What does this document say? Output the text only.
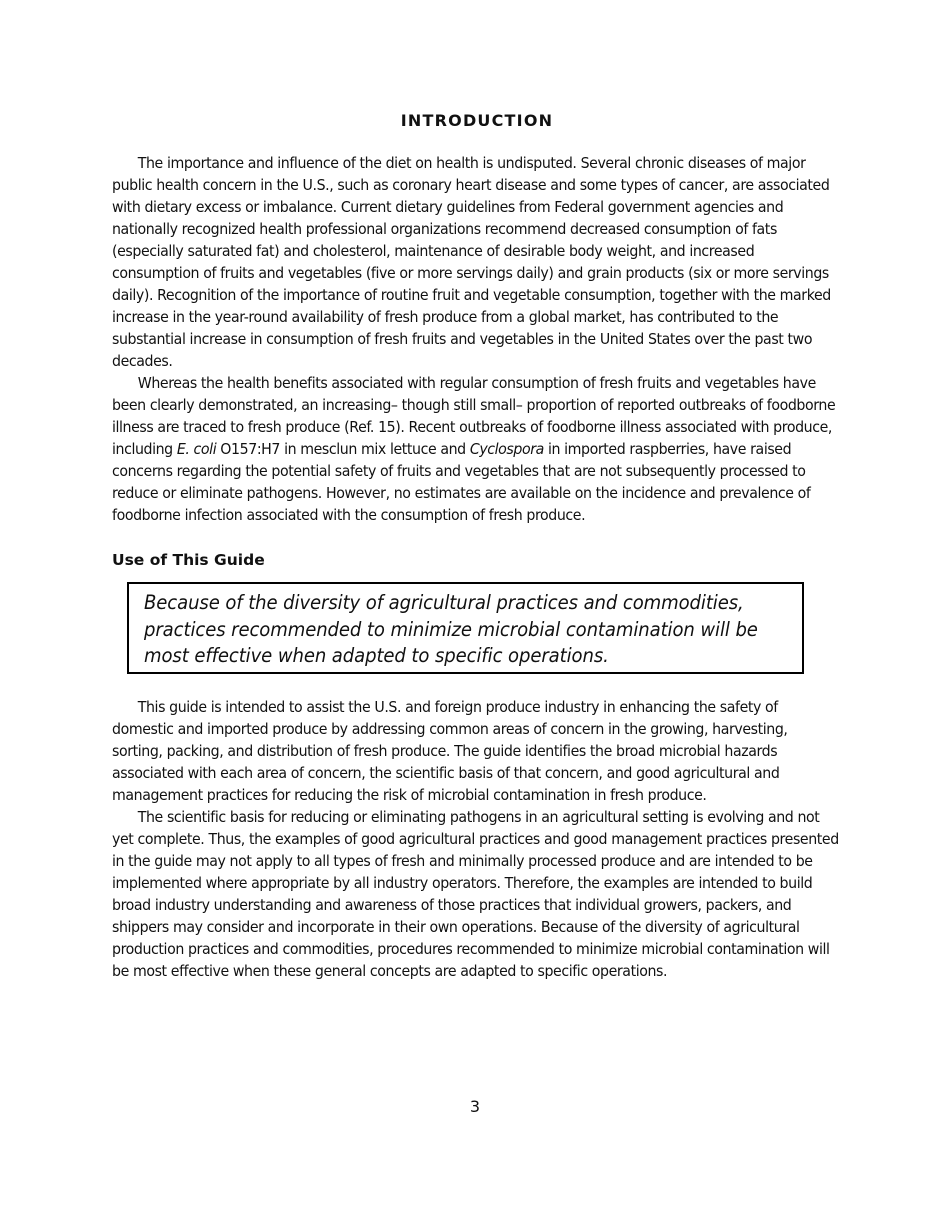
INTRODUCTION

The importance and influence of the diet on health is undisputed. Several chronic diseases of major public health concern in the U.S., such as coronary heart disease and some types of cancer, are associated with dietary excess or imbalance. Current dietary guidelines from Federal government agencies and nationally recognized health professional organizations recommend decreased consumption of fats (especially saturated fat) and cholesterol, maintenance of desirable body weight, and increased consumption of fruits and vegetables (five or more servings daily) and grain products (six or more servings daily). Recognition of the importance of routine fruit and vegetable consumption, together with the marked increase in the year-round availability of fresh produce from a global market, has contributed to the substantial increase in consumption of fresh fruits and vegetables in the United States over the past two decades.

Whereas the health benefits associated with regular consumption of fresh fruits and vegetables have been clearly demonstrated, an increasing– though still small– proportion of reported outbreaks of foodborne illness are traced to fresh produce (Ref. 15). Recent outbreaks of foodborne illness associated with produce, including E. coli O157:H7 in mesclun mix lettuce and Cyclospora in imported raspberries, have raised concerns regarding the potential safety of fruits and vegetables that are not subsequently processed to reduce or eliminate pathogens. However, no estimates are available on the incidence and prevalence of foodborne infection associated with the consumption of fresh produce.

Use of This Guide

Because of the diversity of agricultural practices and commodities, practices recommended to minimize microbial contamination will be most effective when adapted to specific operations.

This guide is intended to assist the U.S. and foreign produce industry in enhancing the safety of domestic and imported produce by addressing common areas of concern in the growing, harvesting, sorting, packing, and distribution of fresh produce. The guide identifies the broad microbial hazards associated with each area of concern, the scientific basis of that concern, and good agricultural and management practices for reducing the risk of microbial contamination in fresh produce.

The scientific basis for reducing or eliminating pathogens in an agricultural setting is evolving and not yet complete. Thus, the examples of good agricultural practices and good management practices presented in the guide may not apply to all types of fresh and minimally processed produce and are intended to be implemented where appropriate by all industry operators. Therefore, the examples are intended to build broad industry understanding and awareness of those practices that individual growers, packers, and shippers may consider and incorporate in their own operations. Because of the diversity of agricultural production practices and commodities, procedures recommended to minimize microbial contamination will be most effective when these general concepts are adapted to specific operations.

3
